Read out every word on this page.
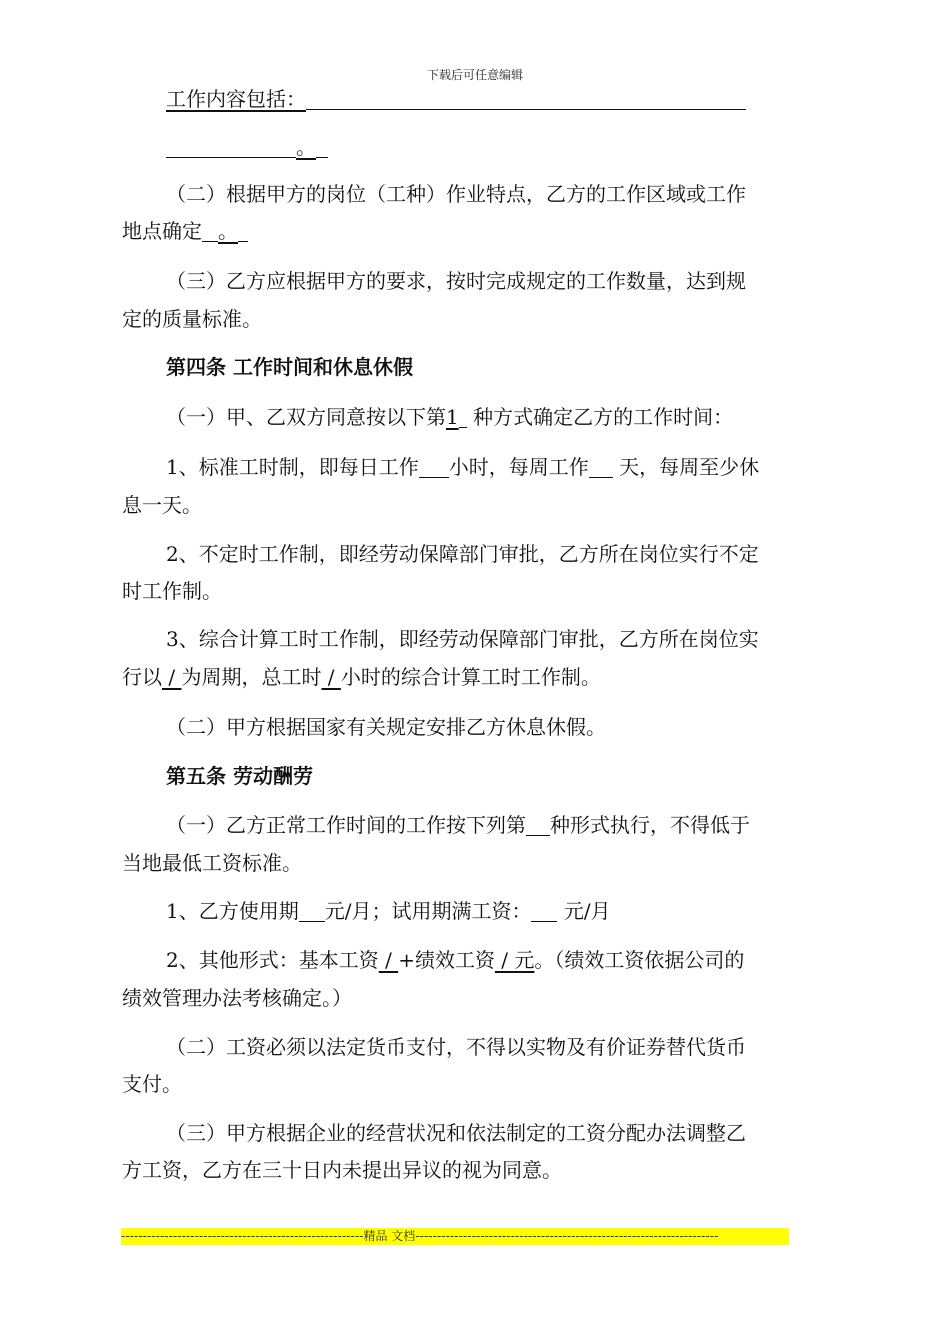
下载后可任意编辑
工作内容包括：
。
（二）根据甲方的岗位（工种）作业特点，乙方的工作区域或工作
地点确定 。
（三）乙方应根据甲方的要求，按时完成规定的工作数量，达到规
定的质量标准。
第四条 工作时间和休息休假
（一）甲、乙双方同意按以下第1 种方式确定乙方的工作时间：
1、标准工时制，即每日工作 小时，每周工作 天，每周至少休
息一天。
2、不定时工作制，即经劳动保障部门审批，乙方所在岗位实行不定
时工作制。
3、综合计算工时工作制，即经劳动保障部门审批，乙方所在岗位实
行以 / 为周期，总工时 / 小时的综合计算工时工作制。
（二）甲方根据国家有关规定安排乙方休息休假。
第五条 劳动酬劳
（一）乙方正常工作时间的工作按下列第 种形式执行，不得低于
当地最低工资标准。
1、乙方使用期 元/月；试用期满工资： 元/月
2、其他形式：基本工资 / +绩效工资 / 元。（绩效工资依据公司的
绩效管理办法考核确定。）
（二）工资必须以法定货币支付，不得以实物及有价证券替代货币
支付。
（三）甲方根据企业的经营状况和依法制定的工资分配办法调整乙
方工资，乙方在三十日内未提出异议的视为同意。
--------------------------------------------------------精品 文档----------------------------------------------------------------------
